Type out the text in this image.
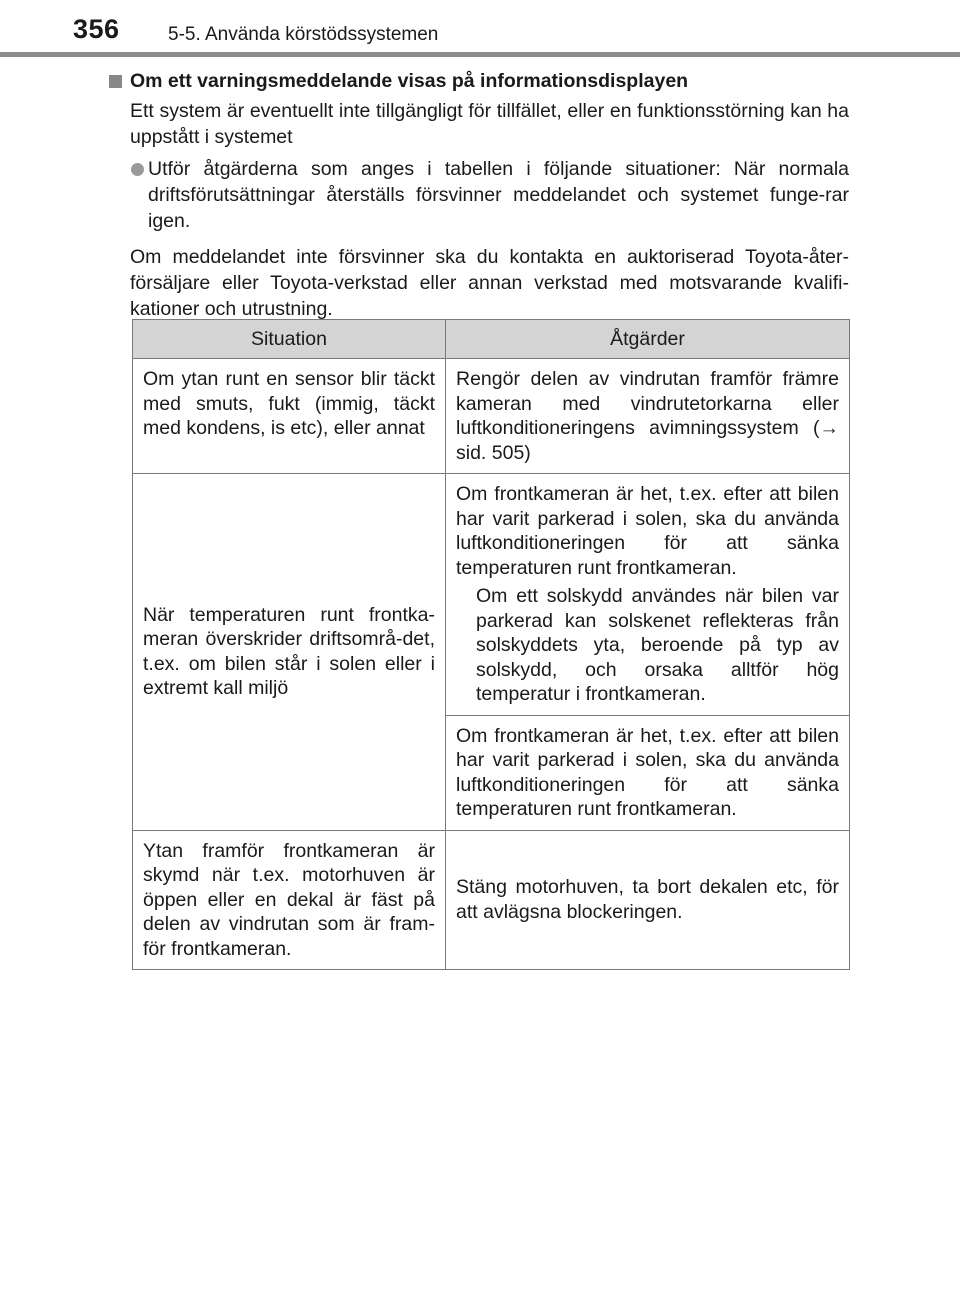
356	5-5. Använda körstödssystemen
Om ett varningsmeddelande visas på informationsdisplayen
Ett system är eventuellt inte tillgängligt för tillfället, eller en funktionsstörning kan ha uppstått i systemet
Utför åtgärderna som anges i tabellen i följande situationer: När normala driftsförutsättningar återställs försvinner meddelandet och systemet funge-rar igen.
Om meddelandet inte försvinner ska du kontakta en auktoriserad Toyota-åter-försäljare eller Toyota-verkstad eller annan verkstad med motsvarande kvalifi-kationer och utrustning.
Situation	Åtgärder
Om ytan runt en sensor blir täckt med smuts, fukt (immig, täckt med kondens, is etc), eller annat	Rengör delen av vindrutan framför främre kameran med vindrutetorkarna eller luftkonditioneringens avimningssystem (→ sid. 505)
När temperaturen runt frontka-meran överskrider driftsområ-det, t.ex. om bilen står i solen eller i extremt kall miljö	Om frontkameran är het, t.ex. efter att bilen har varit parkerad i solen, ska du använda luftkonditioneringen för att sänka temperaturen runt frontkameran.
Om ett solskydd användes när bilen var parkerad kan solskenet reflekteras från solskyddets yta, beroende på typ av solskydd, och orsaka alltför hög temperatur i frontkameran.

	Om frontkameran är het, t.ex. efter att bilen har varit parkerad i solen, ska du använda luftkonditioneringen för att sänka temperaturen runt frontkameran.
Ytan framför frontkameran är skymd när t.ex. motorhuven är öppen eller en dekal är fäst på delen av vindrutan som är fram-för frontkameran.	Stäng motorhuven, ta bort dekalen etc, för att avlägsna blockeringen.
